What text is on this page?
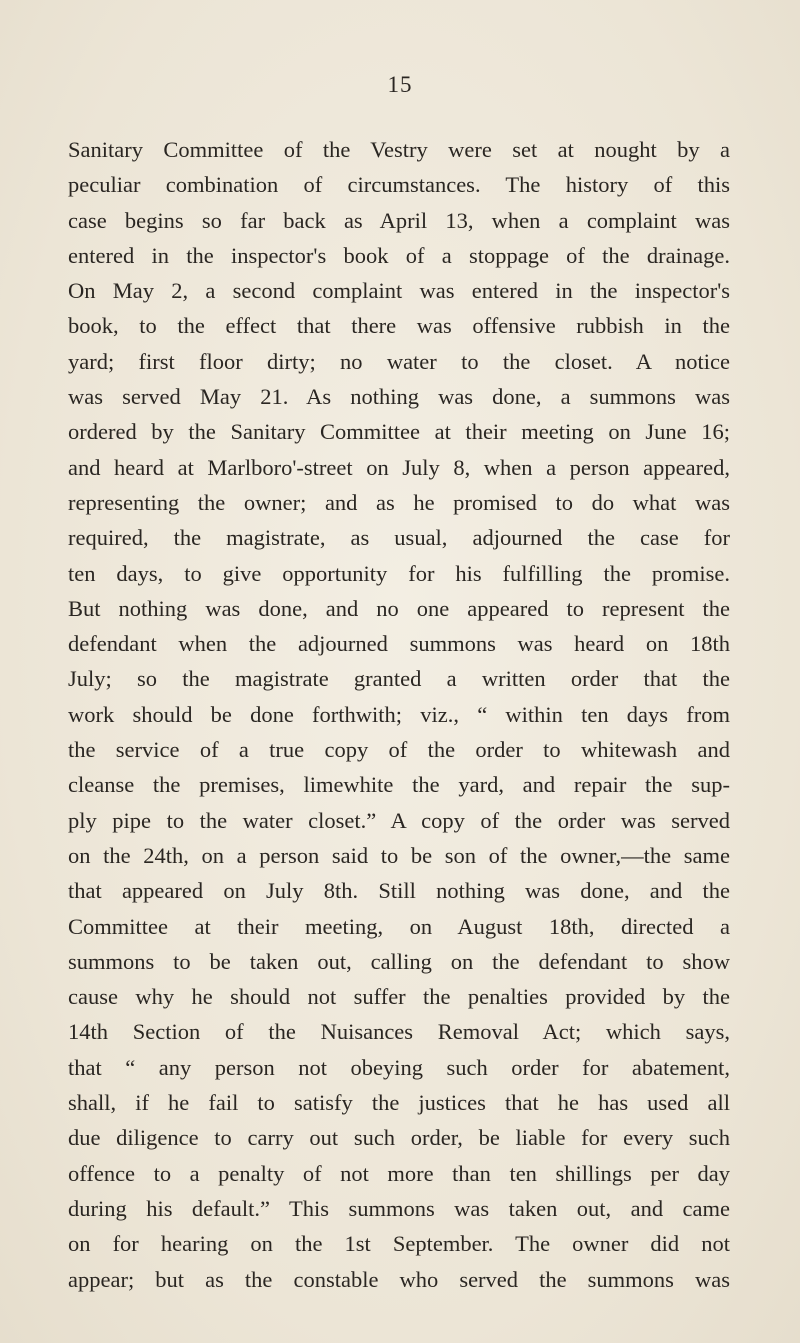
15
Sanitary Committee of the Vestry were set at nought by a
peculiar combination of circumstances. The history of this
case begins so far back as April 13, when a complaint was
entered in the inspector's book of a stoppage of the drainage.
On May 2, a second complaint was entered in the inspector's
book, to the effect that there was offensive rubbish in the
yard; first floor dirty; no water to the closet. A notice
was served May 21. As nothing was done, a summons was
ordered by the Sanitary Committee at their meeting on June 16;
and heard at Marlboro'-street on July 8, when a person appeared,
representing the owner; and as he promised to do what was
required, the magistrate, as usual, adjourned the case for
ten days, to give opportunity for his fulfilling the promise.
But nothing was done, and no one appeared to represent the
defendant when the adjourned summons was heard on 18th
July; so the magistrate granted a written order that the
work should be done forthwith; viz., “ within ten days from
the service of a true copy of the order to whitewash and
cleanse the premises, limewhite the yard, and repair the sup-
ply pipe to the water closet.” A copy of the order was served
on the 24th, on a person said to be son of the owner,—the same
that appeared on July 8th. Still nothing was done, and the
Committee at their meeting, on August 18th, directed a
summons to be taken out, calling on the defendant to show
cause why he should not suffer the penalties provided by the
14th Section of the Nuisances Removal Act; which says,
that “ any person not obeying such order for abatement,
shall, if he fail to satisfy the justices that he has used all
due diligence to carry out such order, be liable for every such
offence to a penalty of not more than ten shillings per day
during his default.” This summons was taken out, and came
on for hearing on the 1st September. The owner did not
appear; but as the constable who served the summons was
